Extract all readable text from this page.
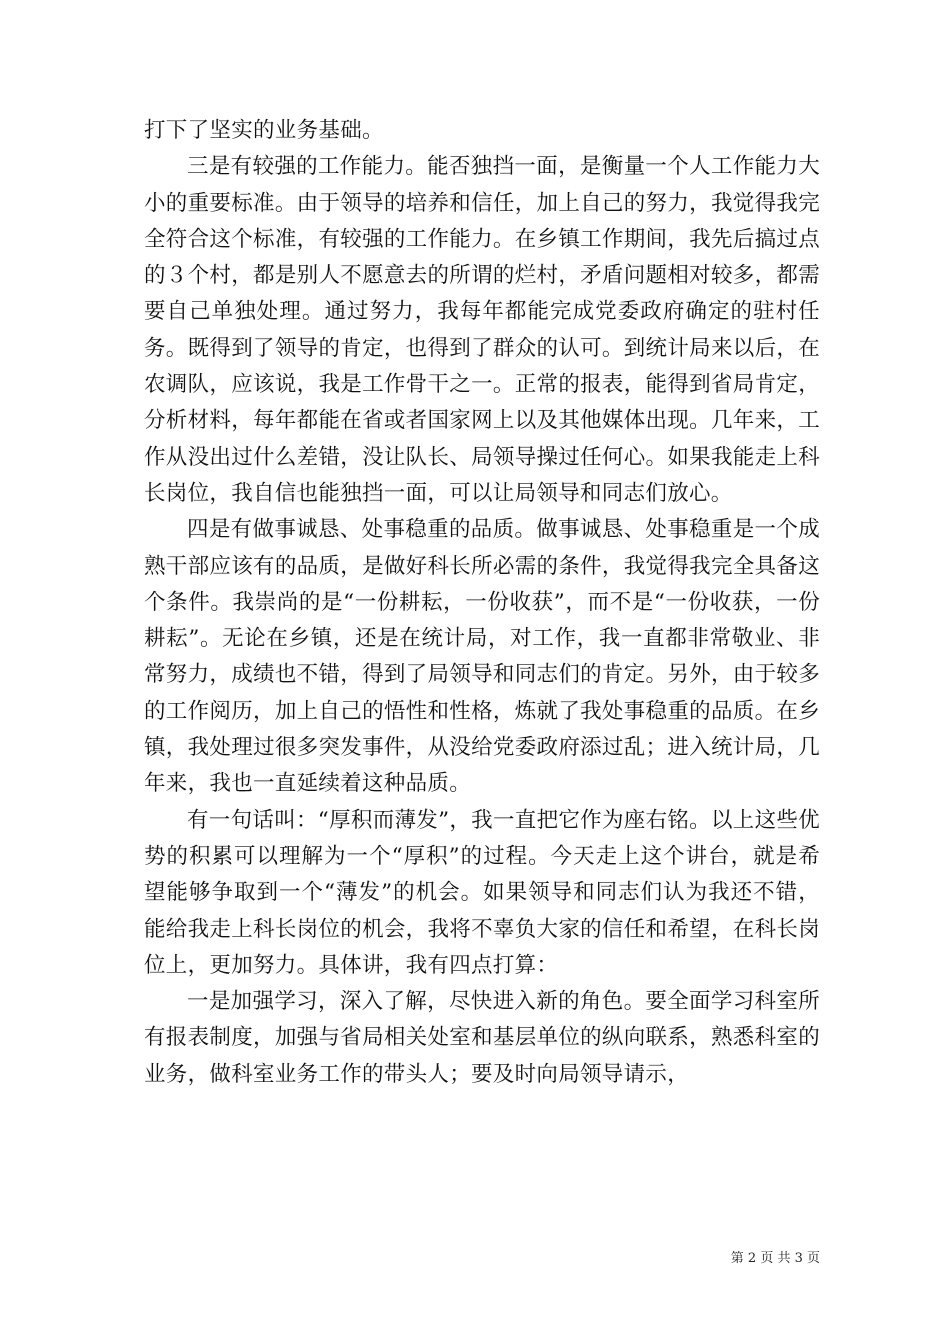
打下了坚实的业务基础。

三是有较强的工作能力。能否独挡一面，是衡量一个人工作能力大小的重要标准。由于领导的培养和信任，加上自己的努力，我觉得我完全符合这个标准，有较强的工作能力。在乡镇工作期间，我先后搞过点的３个村，都是别人不愿意去的所谓的烂村，矛盾问题相对较多，都需要自己单独处理。通过努力，我每年都能完成党委政府确定的驻村任务。既得到了领导的肯定，也得到了群众的认可。到统计局来以后，在农调队，应该说，我是工作骨干之一。正常的报表，能得到省局肯定，分析材料，每年都能在省或者国家网上以及其他媒体出现。几年来，工作从没出过什么差错，没让队长、局领导操过任何心。如果我能走上科长岗位，我自信也能独挡一面，可以让局领导和同志们放心。

四是有做事诚恳、处事稳重的品质。做事诚恳、处事稳重是一个成熟干部应该有的品质，是做好科长所必需的条件，我觉得我完全具备这个条件。我崇尚的是“一份耕耘，一份收获”，而不是“一份收获，一份耕耘”。无论在乡镇，还是在统计局，对工作，我一直都非常敬业、非常努力，成绩也不错，得到了局领导和同志们的肯定。另外，由于较多的工作阅历，加上自己的悟性和性格，炼就了我处事稳重的品质。在乡镇，我处理过很多突发事件，从没给党委政府添过乱；进入统计局，几年来，我也一直延续着这种品质。

有一句话叫：“厚积而薄发”，我一直把它作为座右铭。以上这些优势的积累可以理解为一个“厚积”的过程。今天走上这个讲台，就是希望能够争取到一个“薄发”的机会。如果领导和同志们认为我还不错，能给我走上科长岗位的机会，我将不辜负大家的信任和希望，在科长岗位上，更加努力。具体讲，我有四点打算：

一是加强学习，深入了解，尽快进入新的角色。要全面学习科室所有报表制度，加强与省局相关处室和基层单位的纵向联系，熟悉科室的业务，做科室业务工作的带头人；要及时向局领导请示，

第 2 页 共 3 页
